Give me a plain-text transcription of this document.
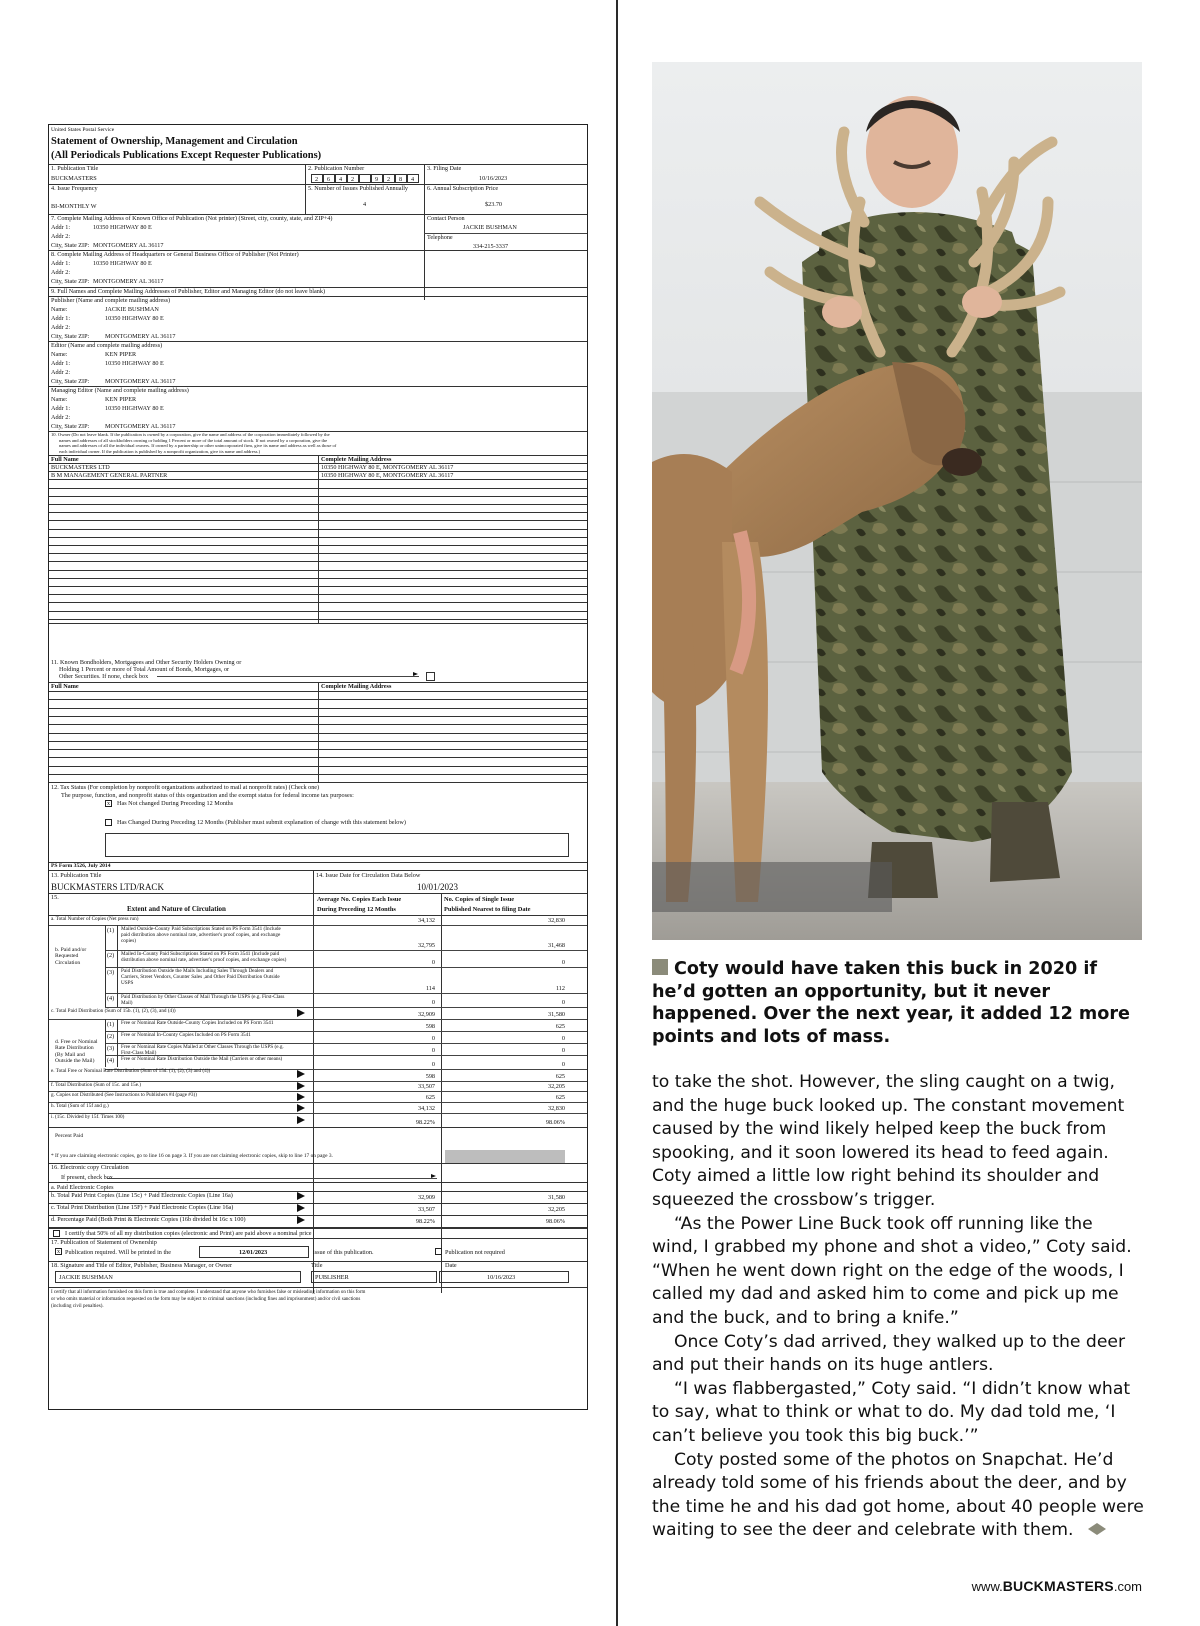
United States Postal Service
Statement of Ownership, Management and Circulation
(All Periodicals Publications Except Requester Publications)
1. Publication Title
BUCKMASTERS
2. Publication Number
2 6 4 2	9 2 8 4
3. Filing Date
10/16/2023
4. Issue Frequency
BI-MONTHLY W
5. Number of Issues Published Annually
4
6. Annual Subscription Price
$23.70
7. Complete Mailing Address of Known Office of Publication (Not printer) (Street, city, county, state, and ZIP+4)	Contact Person
JACKIE BUSHMAN
Telephone
334-215-3337
Addr 1:	10350 HIGHWAY 80 E
Addr 2:
City, State ZIP: MONTGOMERY AL 36117
8. Complete Mailing Address of Headquarters or General Business Office of Publisher (Not Printer)
Addr 1:	10350 HIGHWAY 80 E
Addr 2:
City, State ZIP: MONTGOMERY AL 36117
9. Full Names and Complete Mailing Addresses of Publisher, Editor and Managing Editor (do not leave blank)
Publisher (Name and complete mailing address)
Name:	JACKIE BUSHMAN
Addr 1:	10350 HIGHWAY 80 E
Addr 2:
City, State ZIP:	MONTGOMERY AL 36117
Editor (Name and complete mailing address)
Name:	KEN PIPER
Addr 1:	10350 HIGHWAY 80 E
Addr 2:
City, State ZIP:	MONTGOMERY AL 36117
Managing Editor (Name and complete mailing address)
Name:	KEN PIPER
Addr 1:	10350 HIGHWAY 80 E
Addr 2:
City, State ZIP:	MONTGOMERY AL 36117
10. Owner (Do not leave blank. If the publication is owned by a corporation, give the name and address of the corporation immediately followed by the
names and addresses of all stockholders owning or holding 1 Percent or more of the total amount of stock. If not owned by a corporation, give the
names and addresses of all the individual owners. If owned by a partnership or other unincorporated firm, give its name and address as well as those of
each individual owner. If the publication is published by a nonprofit organization, give its name and address.)
Full Name	Complete Mailing Address
BUCKMASTERS LTD	10350 HIGHWAY 80 E, MONTGOMERY AL 36117
B M MANAGEMENT GENERAL PARTNER	10350 HIGHWAY 80 E, MONTGOMERY AL 36117
11. Known Bondholders, Mortgagees and Other Security Holders Owning or
Holding 1 Percent or more of Total Amount of Bonds, Mortgages, or
Other Securities. If none, check box
Full Name	Complete Mailing Address
12. Tax Status (For completion by nonprofit organizations authorized to mail at nonprofit rates) (Check one)
The purpose, function, and nonprofit status of this organization and the exempt status for federal income tax purposes:
x	Has Not changed During Preceding 12 Months
Has Changed During Preceding 12 Months (Publisher must submit explanation of change with this statement below)
PS Form 3526, July 2014
13. Publication Title
BUCKMASTERS LTD/RACK
14. Issue Date for Circulation Data Below
10/01/2023
15.
Extent and Nature of Circulation
Average No. Copies Each Issue
During Preceding 12 Months
No. Copies of Single Issue
Published Nearest to filing Date
a. Total Number of Copies (Net press run)	34,132	32,830
(1) Mailed Outside-County Paid Subscriptions Stated on PS Form 3541 (Include paid distribution above nominal rate, advertiser's proof copies, and exchange copies)
32,795	31,468
(2) Mailed In-County Paid Subscriptions Stated on PS Form 3541 (Include paid distribution above nominal rate, advertiser's proof copies, and exchange copies)	0	0
(3) Paid Distribution Outside the Mails Including Sales Through Dealers and Carriers, Street Vendors, Counter Sales ,and Other Paid Distribution Outside USPS
114	112
(4) Paid Distribution by Other Classes of Mail Through the USPS (e.g. First-Class Mail)	0	0
c. Total Paid Distribution (Sum of 15b. (1), (2), (3), and (4))	32,909	31,580
(1) Free or Nominal Rate Outside-County Copies Included on PS Form 3541	598	625
(2) Free or Nominal In-County Copies Included on PS Form 3541	0	0
(3) Free or Nominal Rate Copies Mailed at Other Classes Through the USPS (e.g. First-Class Mail)	0	0
(4) Free or Nominal Rate Distribution Outside the Mail (Carriers or other means)
0	0
e. Total Free or Nominal Rate Distribution (Sum of 15d. (1), (2), (3) and (4))
598	625
f. Total Distribution (Sum of 15c. and 15e.)	33,507	32,205
g. Copies not Distributed (See Instructions to Publishers #4 (page #3))	625	625
h. Total (Sum of 15f and g.)	34,132	32,830
i. (15c. Divided by 15f. Times 100)
98.22%	98.06%
b. Paid and/or Requested Circulation
d. Free or Nominal Rate Distribution (By Mail and Outside the Mail)
Percent Paid
* If you are claiming electronic copies, go to line 16 on page 3. If you are not claiming electronic copies, skip to line 17 on page 3.
16. Electronic copy Circulation
If present, check box
a. Paid Electronic Copies
b. Total Paid Print Copies (Line 15c) + Paid Electronic Copies (Line 16a)	32,909	31,580
c. Total Print Distribution (Line 15F) + Paid Electronic Copies (Line 16a)	33,507	32,205
d. Percentage Paid (Both Print & Electronic Copies (16b divided bt 16c x 100)	98.22%	98.06%
I certify that 50% of all my distribution copies (electronic and Print) are paid above a nominal price
17. Publication of Statement of Ownership
x Publication required. Will be printed in the	12/01/2023	issue of this publication.	Publication not required
18. Signature and Title of Editor, Publisher, Business Manager, or Owner	Title	Date
JACKIE BUSHMAN	PUBLISHER	10/16/2023
I certify that all information furnished on this form is true and complete. I understand that anyone who furnishes false or misleading information on this form
or who omits material or information requested on the form may be subject to criminal sanctions (including fines and imprisonment) and/or civil sanctions
(including civil penalties).
Coty would have taken this buck in 2020 if he’d gotten an opportunity, but it never happened. Over the next year, it added 12 more points and lots of mass.

to take the shot. However, the sling caught on a twig, and the huge buck looked up. The constant movement caused by the wind likely helped keep the buck from spooking, and it soon lowered its head to feed again. Coty aimed a little low right behind its shoulder and squeezed the crossbow’s trigger.

“As the Power Line Buck took off running like the wind, I grabbed my phone and shot a video,” Coty said. “When he went down right on the edge of the woods, I called my dad and asked him to come and pick up me and the buck, and to bring a knife.”

Once Coty’s dad arrived, they walked up to the deer and put their hands on its huge antlers.

“I was flabbergasted,” Coty said. “I didn’t know what to say, what to think or what to do. My dad told me, ‘I can’t believe you took this big buck.’”

Coty posted some of the photos on Snapchat. He’d already told some of his friends about the deer, and by the time he and his dad got home, about 40 people were waiting to see the deer and celebrate with them.

www.BUCKMASTERS.com
